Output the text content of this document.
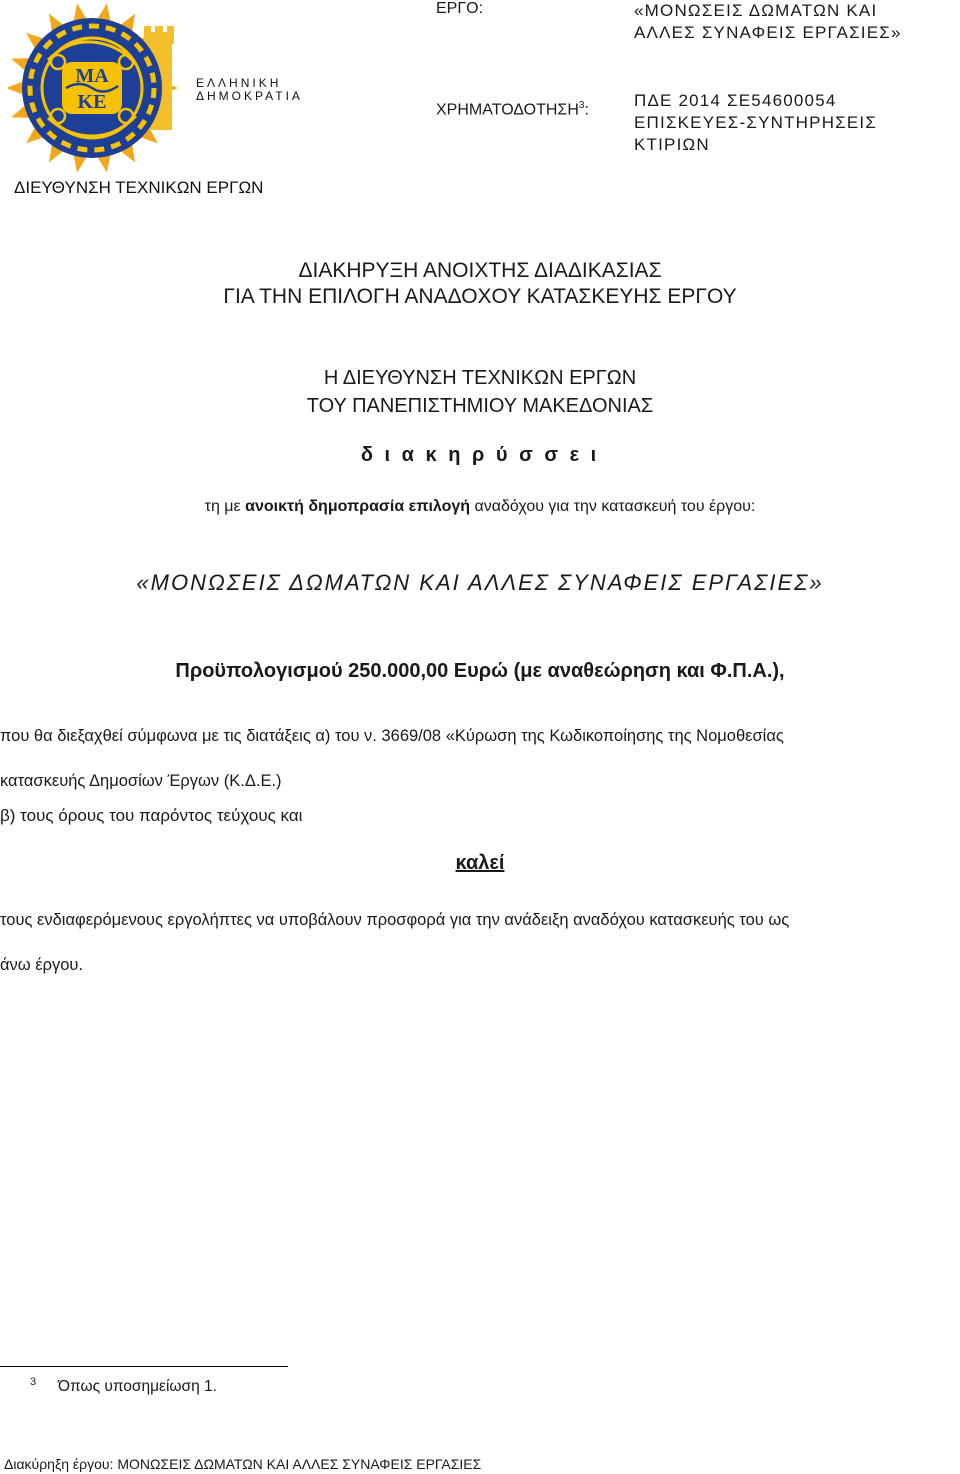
ΜΑ
ΚΕ
ΕΛΛΗΝΙΚΗ
ΔΗΜΟΚΡΑΤΙΑ
ΔΙΕΥΘΥΝΣΗ ΤΕΧΝΙΚΩΝ ΕΡΓΩΝ
ΕΡΓΟ:	«ΜΟΝΩΣΕΙΣ ΔΩΜΑΤΩΝ ΚΑΙ
ΑΛΛΕΣ ΣΥΝΑΦΕΙΣ ΕΡΓΑΣΙΕΣ»
ΧΡΗΜΑΤΟΔΟΤΗΣΗ$^3$:	ΠΔΕ 2014 ΣΕ54600054
ΕΠΙΣΚΕΥΕΣ-ΣΥΝΤΗΡΗΣΕΙΣ
ΚΤΙΡΙΩΝ
ΔΙΑΚΗΡΥΞΗ ΑΝΟΙΧΤΗΣ ΔΙΑΔΙΚΑΣΙΑΣ
ΓΙΑ ΤΗΝ ΕΠΙΛΟΓΗ ΑΝΑΔΟΧΟΥ ΚΑΤΑΣΚΕΥΗΣ ΕΡΓΟΥ
Η ΔΙΕΥΘΥΝΣΗ ΤΕΧΝΙΚΩΝ ΕΡΓΩΝ
ΤΟΥ ΠΑΝΕΠΙΣΤΗΜΙΟΥ ΜΑΚΕΔΟΝΙΑΣ
δ ι α κ η ρ ύ σ σ ε ι
τη με ανοικτή δημοπρασία επιλογή αναδόχου για την κατασκευή του έργου:
«ΜΟΝΩΣΕΙΣ ΔΩΜΑΤΩΝ ΚΑΙ ΑΛΛΕΣ ΣΥΝΑΦΕΙΣ ΕΡΓΑΣΙΕΣ»
Προϋπολογισμού 250.000,00 Ευρώ (με αναθεώρηση και Φ.Π.Α.),
που θα διεξαχθεί σύμφωνα με τις διατάξεις α) του ν. 3669/08 «Κύρωση της Κωδικοποίησης της Νομοθεσίας
κατασκευής Δημοσίων Έργων (Κ.Δ.Ε.)
β) τους όρους του παρόντος τεύχους και
καλεί
τους ενδιαφερόμενους εργολήπτες να υποβάλουν προσφορά για την ανάδειξη αναδόχου κατασκευής του ως
άνω έργου.
3 Όπως υποσημείωση 1.
Διακύρηξη έργου: ΜΟΝΩΣΕΙΣ ΔΩΜΑΤΩΝ ΚΑΙ ΑΛΛΕΣ ΣΥΝΑΦΕΙΣ ΕΡΓΑΣΙΕΣ
